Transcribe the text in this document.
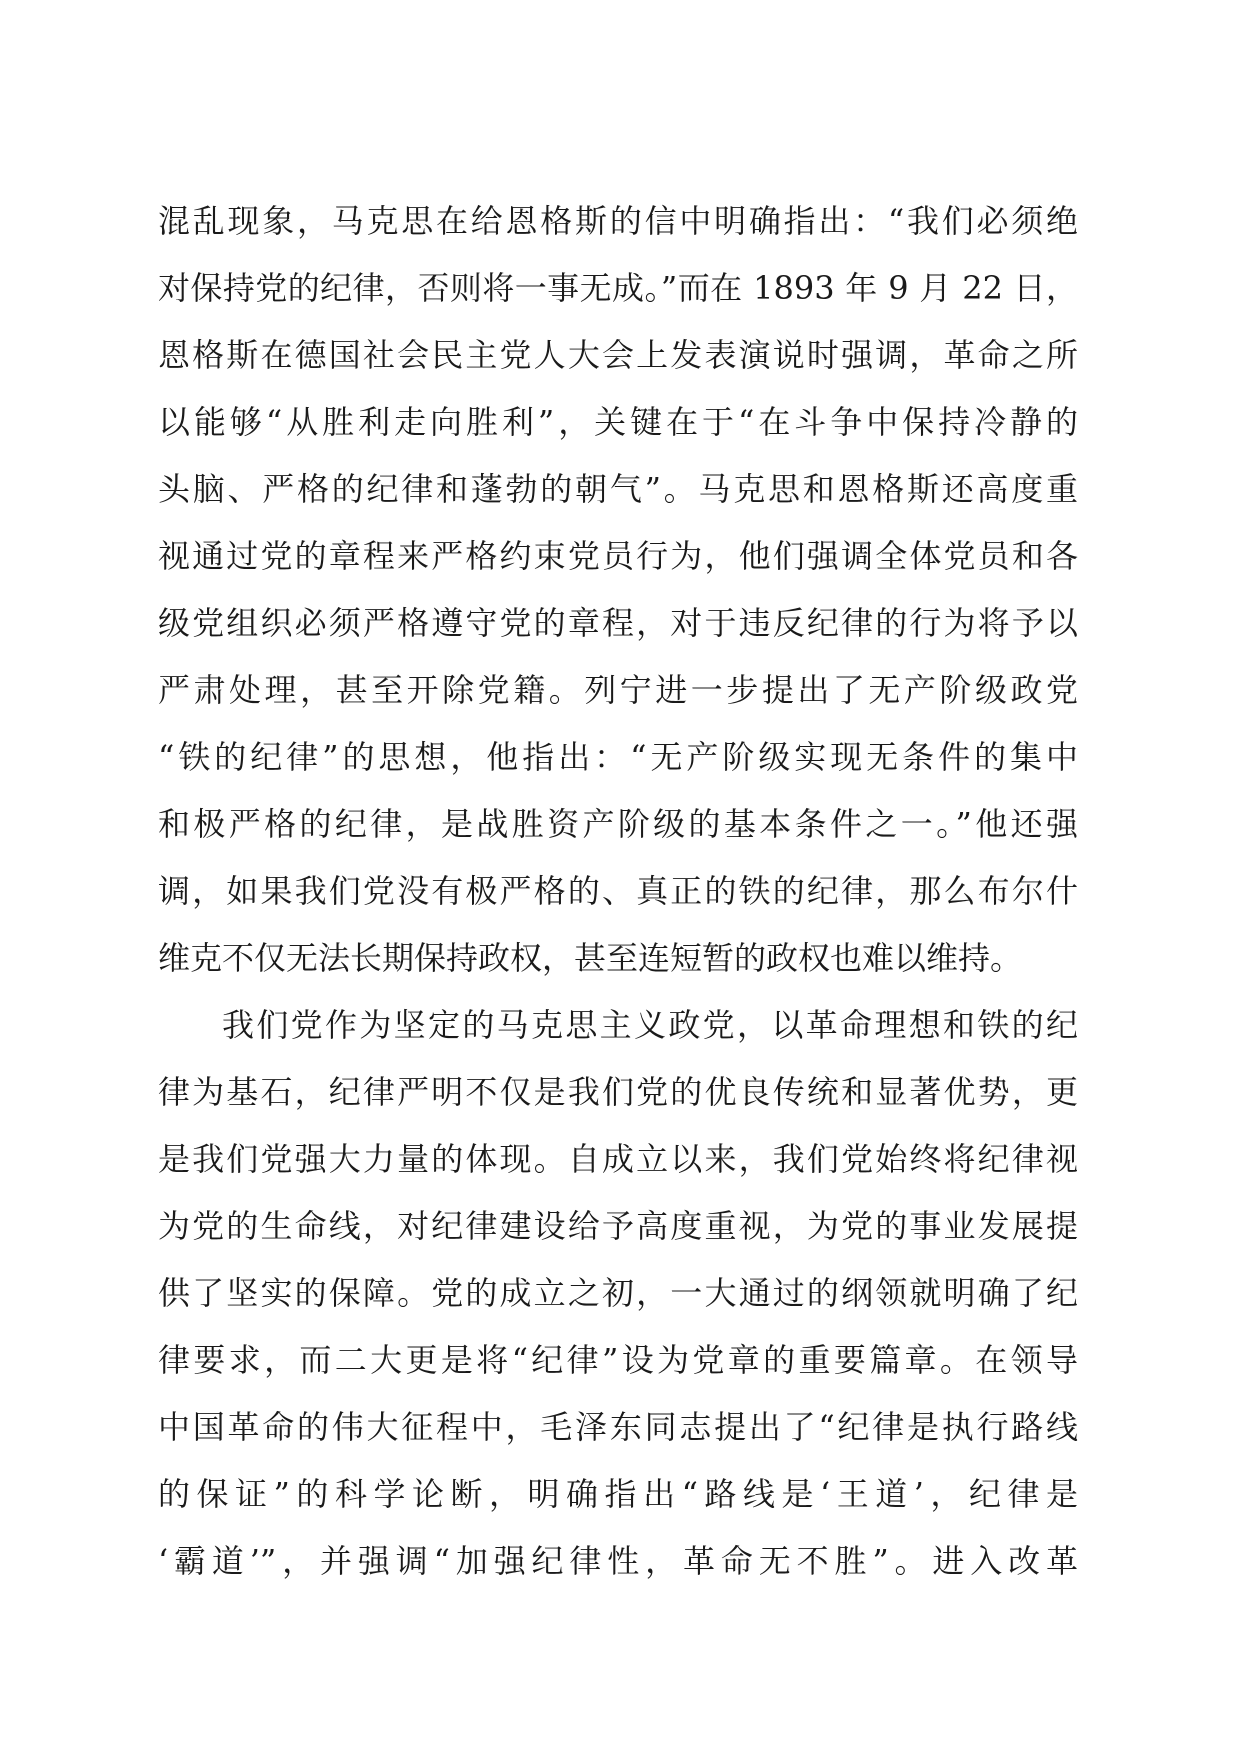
混乱现象，马克思在给恩格斯的信中明确指出：“我们必须绝
对保持党的纪律，否则将一事无成。”而在 1893 年 9 月 22 日，
恩格斯在德国社会民主党人大会上发表演说时强调，革命之所
以能够“从胜利走向胜利”，关键在于“在斗争中保持冷静的
头脑、严格的纪律和蓬勃的朝气”。马克思和恩格斯还高度重
视通过党的章程来严格约束党员行为，他们强调全体党员和各
级党组织必须严格遵守党的章程，对于违反纪律的行为将予以
严肃处理，甚至开除党籍。列宁进一步提出了无产阶级政党
“铁的纪律”的思想，他指出：“无产阶级实现无条件的集中
和极严格的纪律，是战胜资产阶级的基本条件之一。”他还强
调，如果我们党没有极严格的、真正的铁的纪律，那么布尔什
维克不仅无法长期保持政权，甚至连短暂的政权也难以维持。
我们党作为坚定的马克思主义政党，以革命理想和铁的纪
律为基石，纪律严明不仅是我们党的优良传统和显著优势，更
是我们党强大力量的体现。自成立以来，我们党始终将纪律视
为党的生命线，对纪律建设给予高度重视，为党的事业发展提
供了坚实的保障。党的成立之初，一大通过的纲领就明确了纪
律要求，而二大更是将“纪律”设为党章的重要篇章。在领导
中国革命的伟大征程中，毛泽东同志提出了“纪律是执行路线
的保证”的科学论断，明确指出“路线是‘王道’，纪律是
‘霸道’”，并强调“加强纪律性，革命无不胜”。进入改革
